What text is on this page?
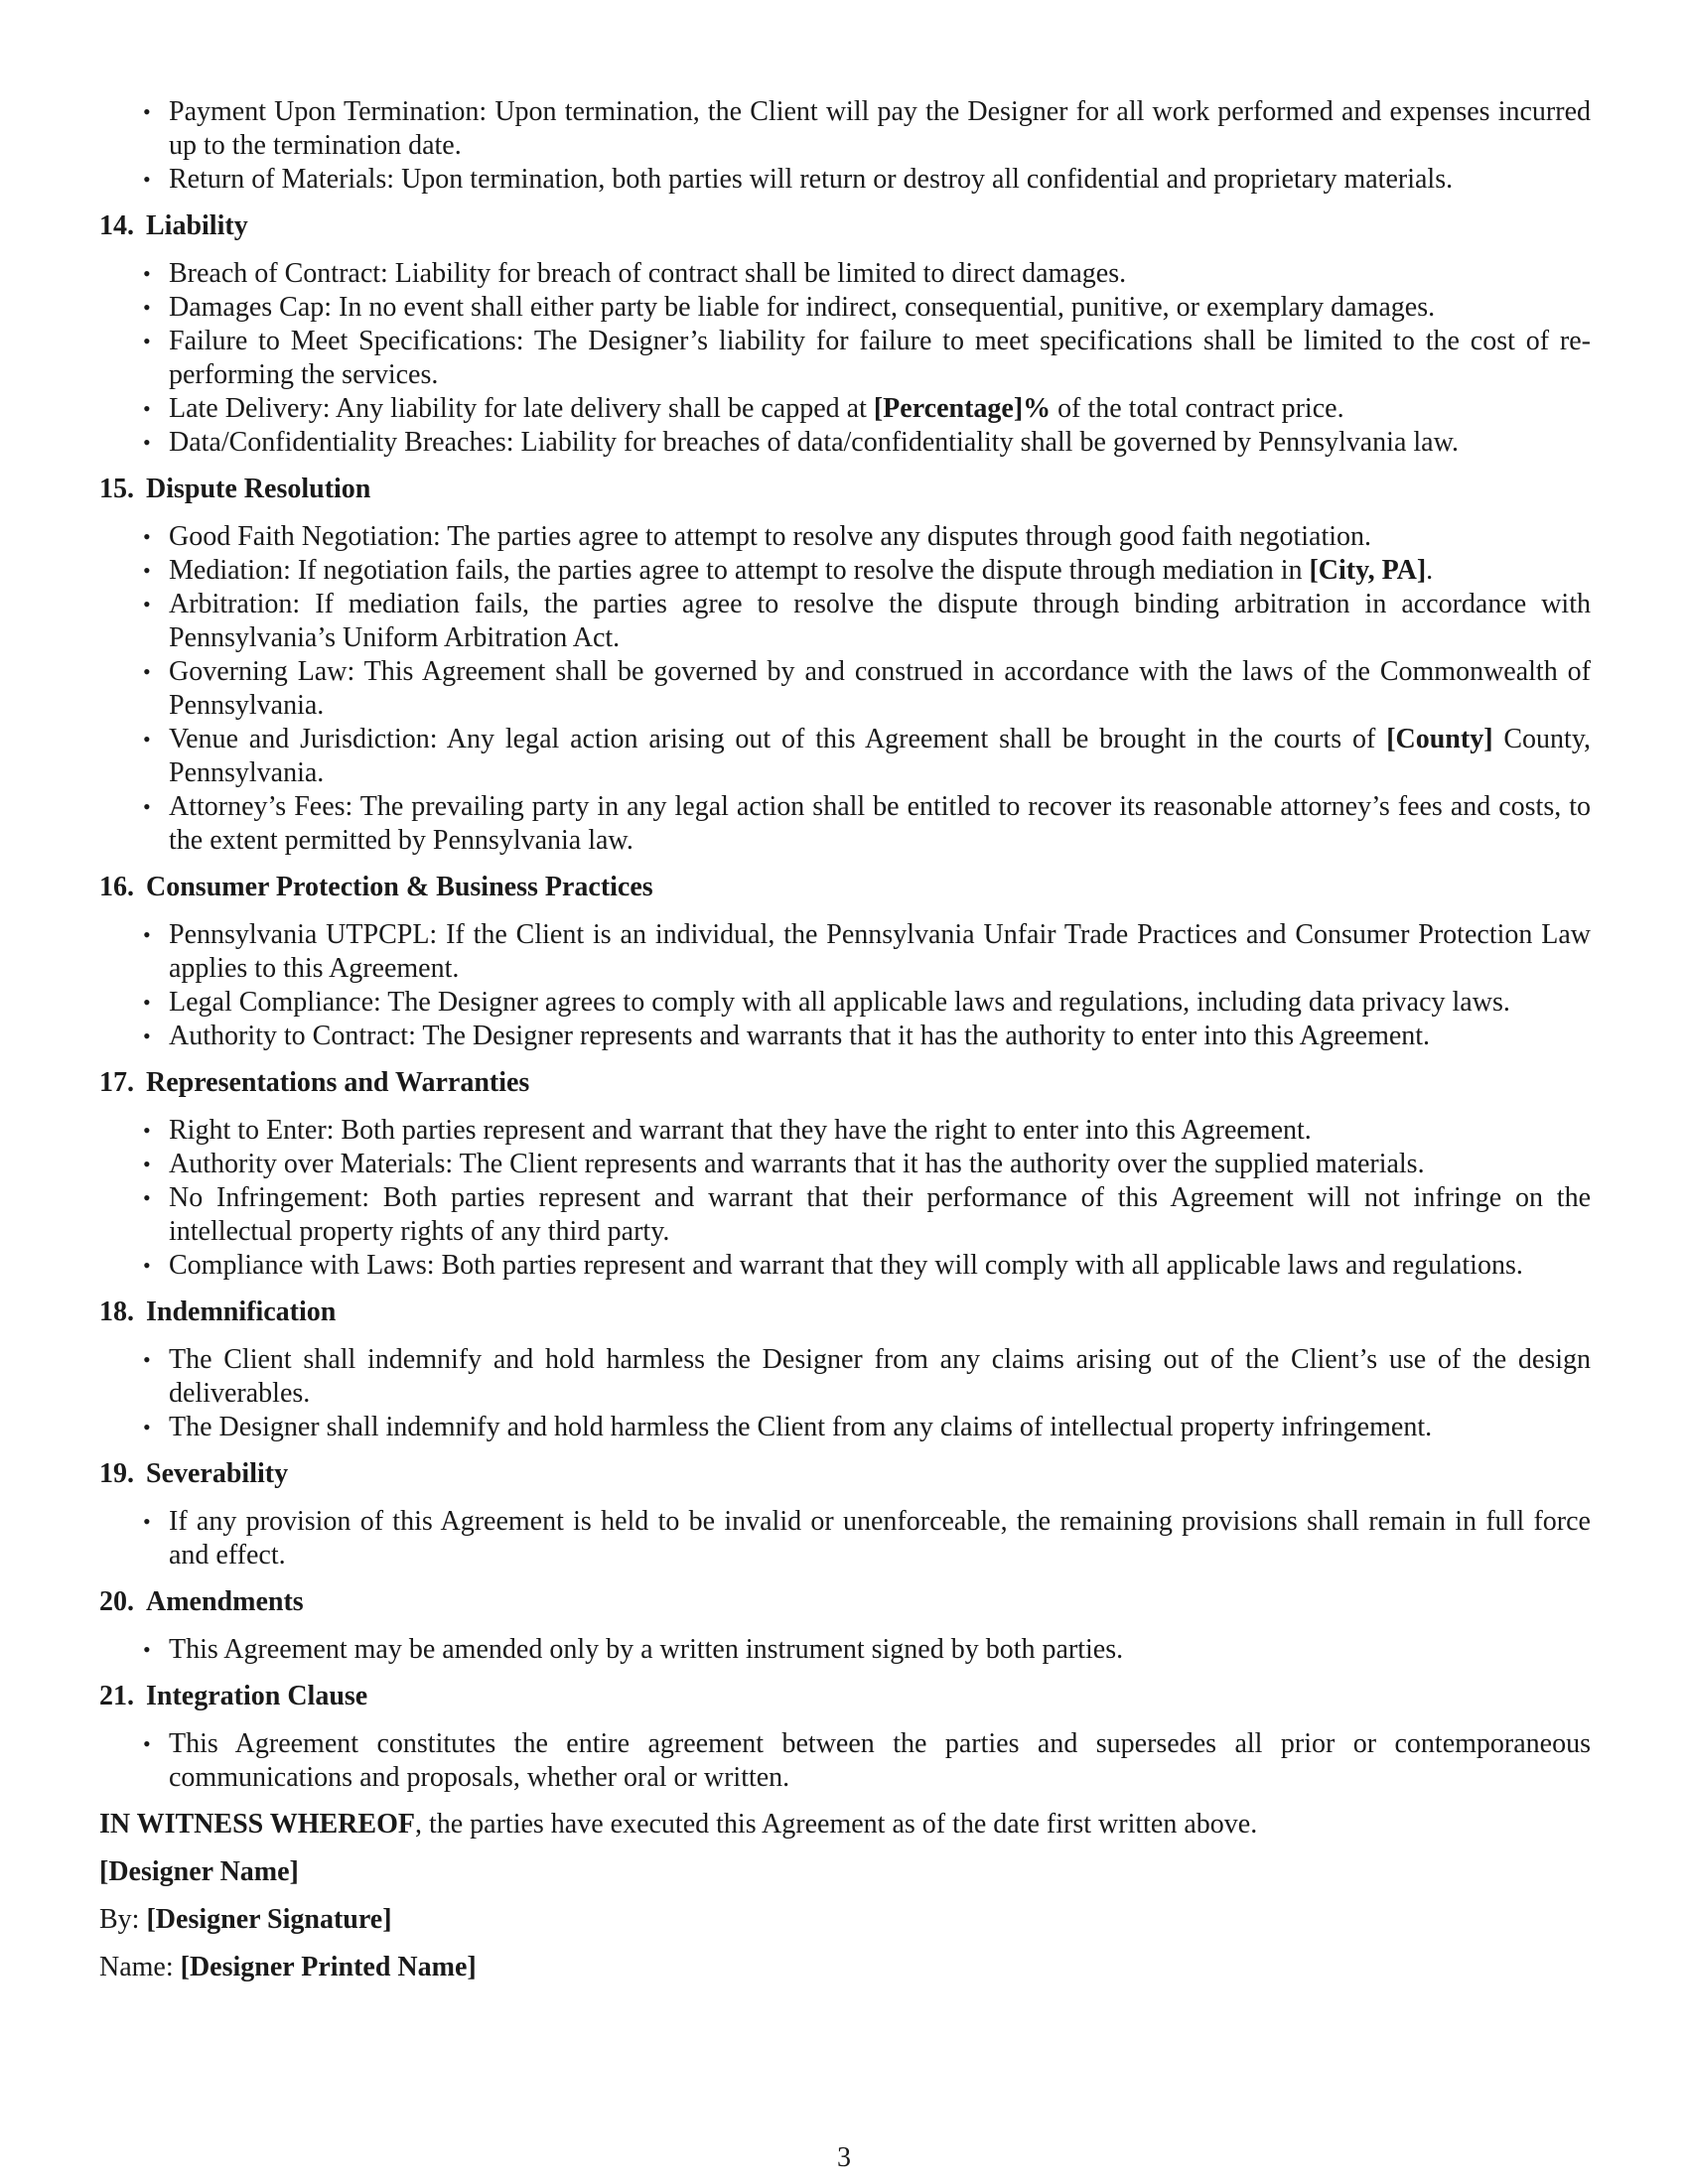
• Payment Upon Termination: Upon termination, the Client will pay the Designer for all work performed and expenses incurred up to the termination date.
• Return of Materials: Upon termination, both parties will return or destroy all confidential and proprietary materials.
14. Liability
• Breach of Contract: Liability for breach of contract shall be limited to direct damages.
• Damages Cap: In no event shall either party be liable for indirect, consequential, punitive, or exemplary damages.
• Failure to Meet Specifications: The Designer’s liability for failure to meet specifications shall be limited to the cost of re-performing the services.
• Late Delivery: Any liability for late delivery shall be capped at [Percentage]% of the total contract price.
• Data/Confidentiality Breaches: Liability for breaches of data/confidentiality shall be governed by Pennsylvania law.
15. Dispute Resolution
• Good Faith Negotiation: The parties agree to attempt to resolve any disputes through good faith negotiation.
• Mediation: If negotiation fails, the parties agree to attempt to resolve the dispute through mediation in [City, PA].
• Arbitration: If mediation fails, the parties agree to resolve the dispute through binding arbitration in accordance with Pennsylvania’s Uniform Arbitration Act.
• Governing Law: This Agreement shall be governed by and construed in accordance with the laws of the Commonwealth of Pennsylvania.
• Venue and Jurisdiction: Any legal action arising out of this Agreement shall be brought in the courts of [County] County, Pennsylvania.
• Attorney’s Fees: The prevailing party in any legal action shall be entitled to recover its reasonable attorney’s fees and costs, to the extent permitted by Pennsylvania law.
16. Consumer Protection & Business Practices
• Pennsylvania UTPCPL: If the Client is an individual, the Pennsylvania Unfair Trade Practices and Consumer Protection Law applies to this Agreement.
• Legal Compliance: The Designer agrees to comply with all applicable laws and regulations, including data privacy laws.
• Authority to Contract: The Designer represents and warrants that it has the authority to enter into this Agreement.
17. Representations and Warranties
• Right to Enter: Both parties represent and warrant that they have the right to enter into this Agreement.
• Authority over Materials: The Client represents and warrants that it has the authority over the supplied materials.
• No Infringement: Both parties represent and warrant that their performance of this Agreement will not infringe on the intellectual property rights of any third party.
• Compliance with Laws: Both parties represent and warrant that they will comply with all applicable laws and regulations.
18. Indemnification
• The Client shall indemnify and hold harmless the Designer from any claims arising out of the Client’s use of the design deliverables.
• The Designer shall indemnify and hold harmless the Client from any claims of intellectual property infringement.
19. Severability
• If any provision of this Agreement is held to be invalid or unenforceable, the remaining provisions shall remain in full force and effect.
20. Amendments
• This Agreement may be amended only by a written instrument signed by both parties.
21. Integration Clause
• This Agreement constitutes the entire agreement between the parties and supersedes all prior or contemporaneous communications and proposals, whether oral or written.

IN WITNESS WHEREOF, the parties have executed this Agreement as of the date first written above.

[Designer Name]

By: [Designer Signature]

Name: [Designer Printed Name]

3
